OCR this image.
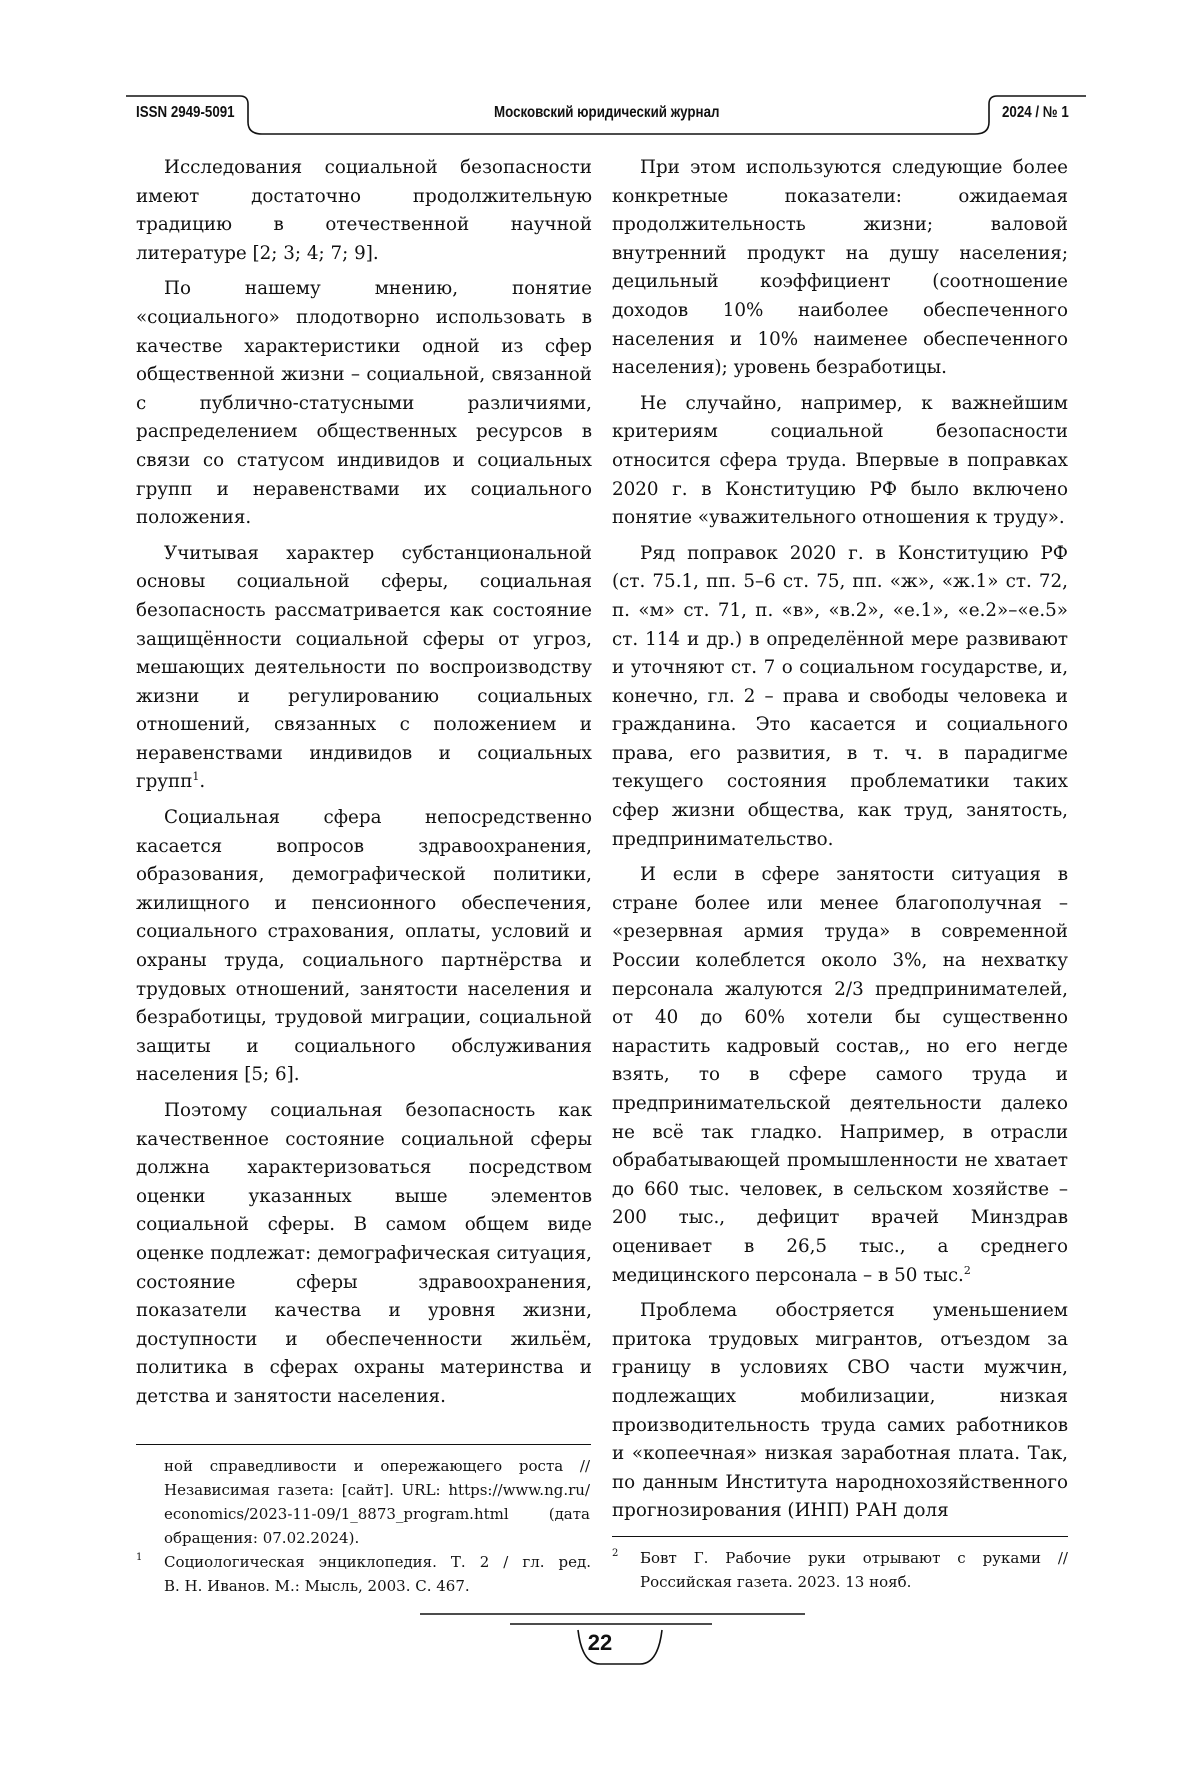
ISSN 2949-5091	Московский юридический журнал	2024 / № 1

Исследования социальной безопасности имеют достаточно продолжительную традицию в отечественной научной литературе [2; 3; 4; 7; 9].

По нашему мнению, понятие «социального» плодотворно использовать в качестве характеристики одной из сфер общественной жизни – социальной, связанной с публично-статусными различиями, распределением общественных ресурсов в связи со статусом индивидов и социальных групп и неравенствами их социального положения.

Учитывая характер субстанциональной основы социальной сферы, социальная безопасность рассматривается как состояние защищённости социальной сферы от угроз, мешающих деятельности по воспроизводству жизни и регулированию социальных отношений, связанных с положением и неравенствами индивидов и социальных групп$^1$.

Социальная сфера непосредственно касается вопросов здравоохранения, образования, демографической политики, жилищного и пенсионного обеспечения, социального страхования, оплаты, условий и охраны труда, социального партнёрства и трудовых отношений, занятости населения и безработицы, трудовой миграции, социальной защиты и социального обслуживания населения [5; 6].

Поэтому социальная безопасность как качественное состояние социальной сферы должна характеризоваться посредством оценки указанных выше элементов социальной сферы. В самом общем виде оценке подлежат: демографическая ситуация, состояние сферы здравоохранения, показатели качества и уровня жизни, доступности и обеспеченности жильём, политика в сферах охраны материнства и детства и занятости населения.

При этом используются следующие более конкретные показатели: ожидаемая продолжительность жизни; валовой внутренний продукт на душу населения; децильный коэффициент (соотношение доходов 10% наиболее обеспеченного населения и 10% наименее обеспеченного населения); уровень безработицы.

Не случайно, например, к важнейшим критериям социальной безопасности относится сфера труда. Впервые в поправках 2020 г. в Конституцию РФ было включено понятие «уважительного отношения к труду».

Ряд поправок 2020 г. в Конституцию РФ (ст. 75.1, пп. 5–6 ст. 75, пп. «ж», «ж.1» ст. 72, п. «м» ст. 71, п. «в», «в.2», «е.1», «е.2»–«е.5» ст. 114 и др.) в определённой мере развивают и уточняют ст. 7 о социальном государстве, и, конечно, гл. 2 – права и свободы человека и гражданина. Это касается и социального права, его развития, в т. ч. в парадигме текущего состояния проблематики таких сфер жизни общества, как труд, занятость, предпринимательство.

И если в сфере занятости ситуация в стране более или менее благополучная – «резервная армия труда» в современной России колеблется около 3%, на нехватку персонала жалуются 2/3 предпринимателей, от 40 до 60% хотели бы существенно нарастить кадровый состав,, но его негде взять, то в сфере самого труда и предпринимательской деятельности далеко не всё так гладко. Например, в отрасли обрабатывающей промышленности не хватает до 660 тыс. человек, в сельском хозяйстве – 200 тыс., дефицит врачей Минздрав оценивает в 26,5 тыс., а среднего медицинского персонала – в 50 тыс.$^2$

Проблема обостряется уменьшением притока трудовых мигрантов, отъездом за границу в условиях СВО части мужчин, подлежащих мобилизации, низкая производительность труда самих работников и «копеечная» низкая заработная плата. Так, по данным Института народнохозяйственного прогнозирования (ИНП) РАН доля

ной справедливости и опережающего роста //
Независимая газета: [сайт]. URL: https://www.ng.ru/
economics/2023-11-09/1_8873_program.html (дата
обращения: 07.02.2024).
1 Социологическая энциклопедия. Т. 2 / гл. ред.
В. Н. Иванов. М.: Мысль, 2003. С. 467.
2 Бовт Г. Рабочие руки отрывают с руками //
Российская газета. 2023. 13 нояб.
22
